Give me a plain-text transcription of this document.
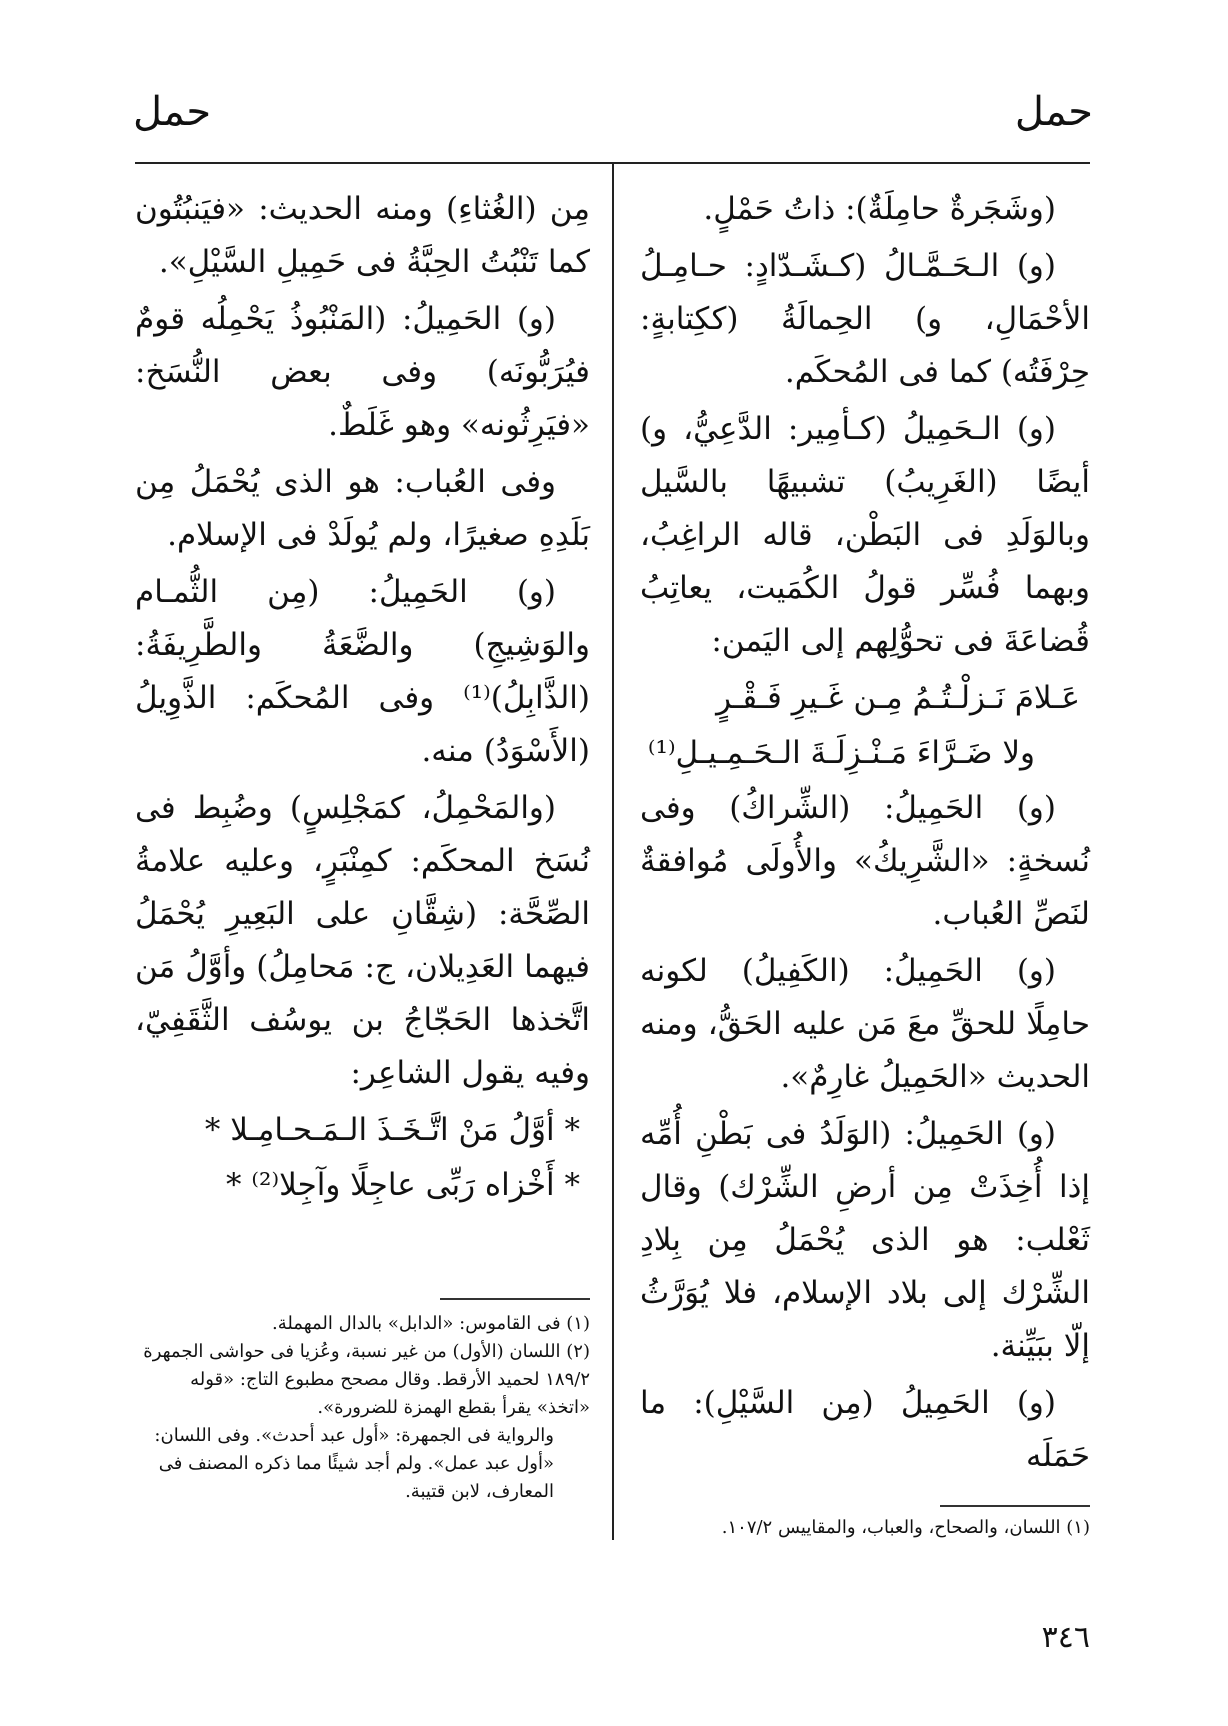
حمل
حمل

(وشَجَرةٌ حامِلَةٌ): ذاتُ حَمْلٍ.

(و) الـحَـمَّـالُ (كـشَـدّادٍ: حـامِـلُ الأحْمَالِ، و) الحِمالَةُ (ككِتابةٍ: حِرْفَتُه) كما فى المُحكَم.

(و) الـحَمِيلُ (كـأمِير: الدَّعِيُّ، و) أيضًا (الغَرِيبُ) تشبيهًا بالسَّيل وبالوَلَدِ فى البَطْن، قاله الراغِبُ، وبهما فُسِّر قولُ الكُمَيت، يعاتِبُ قُضاعَةَ فى تحوُّلِهم إلى اليَمن:

عَـلامَ نَـزلْـتُـمُ مِـن غَـيرِ فَـقْـرٍ
ولا ضَـرَّاءَ مَـنْـزِلَـةَ الـحَـمِـيـلِ⁽¹⁾

(و) الحَمِيلُ: (الشِّراكُ) وفى نُسخةٍ: «الشَّرِيكُ» والأُولَى مُوافقةٌ لنَصِّ العُباب.

(و) الحَمِيلُ: (الكَفِيلُ) لكونه حامِلًا للحقِّ معَ مَن عليه الحَقُّ، ومنه الحديث «الحَمِيلُ غارِمٌ».

(و) الحَمِيلُ: (الوَلَدُ فى بَطْنِ أُمِّه إذا أُخِذَتْ مِن أرضِ الشِّرْك) وقال ثَعْلب: هو الذى يُحْمَلُ مِن بِلادِ الشِّرْك إلى بلاد الإسلام، فلا يُوَرَّثُ إلّا ببَيِّنة.

(و) الحَمِيلُ (مِن السَّيْلِ): ما حَمَلَه

مِن (الغُثاءِ) ومنه الحديث: «فيَنبُتُون كما تَنْبُتُ الحِبَّةُ فى حَمِيلِ السَّيْلِ».

(و) الحَمِيلُ: (المَنْبُوذُ يَحْمِلُه قومٌ فيُرَبُّونَه) وفى بعض النُّسَخ: «فيَرِثُونه» وهو غَلَطٌ.

وفى العُباب: هو الذى يُحْمَلُ مِن بَلَدِهِ صغيرًا، ولم يُولَدْ فى الإسلام.

(و) الحَمِيلُ: (مِن الثُّمـام والوَشِيجِ) والضَّعَةُ والطَّرِيفَةُ: (الذَّابِلُ)⁽¹⁾ وفى المُحكَم: الذَّوِيلُ (الأَسْوَدُ) منه.

(والمَحْمِلُ، كمَجْلِسٍ) وضُبِط فى نُسَخ المحكَم: كمِنْبَرٍ، وعليه علامةُ الصِّحَّة: (شِقَّانِ على البَعِيرِ يُحْمَلُ فيهما العَدِيلان، ج: مَحامِلُ) وأوَّلُ مَن اتَّخذها الحَجّاجُ بن يوسُف الثَّقَفِيّ، وفيه يقول الشاعِر:

* أوَّلُ مَنْ اتَّـخَـذَ الـمَـحـامِـلا *
* أَخْزاه رَبِّى عاجِلًا وآجِلا⁽²⁾ *

(١) اللسان، والصحاح، والعباب، والمقاييس ١٠٧/٢.

(١) فى القاموس: «الدابل» بالدال المهملة.

(٢) اللسان (الأول) من غير نسبة، وعُزيا فى حواشى الجمهرة ١٨٩/٢ لحميد الأرقط. وقال مصحح مطبوع التاج: «قوله «اتخذ» يقرأ بقطع الهمزة للضرورة».

والرواية فى الجمهرة: «أول عبد أحدث». وفى اللسان: «أول عبد عمل». ولم أجد شيئًا مما ذكره المصنف فى المعارف، لابن قتيبة.

٣٤٦
